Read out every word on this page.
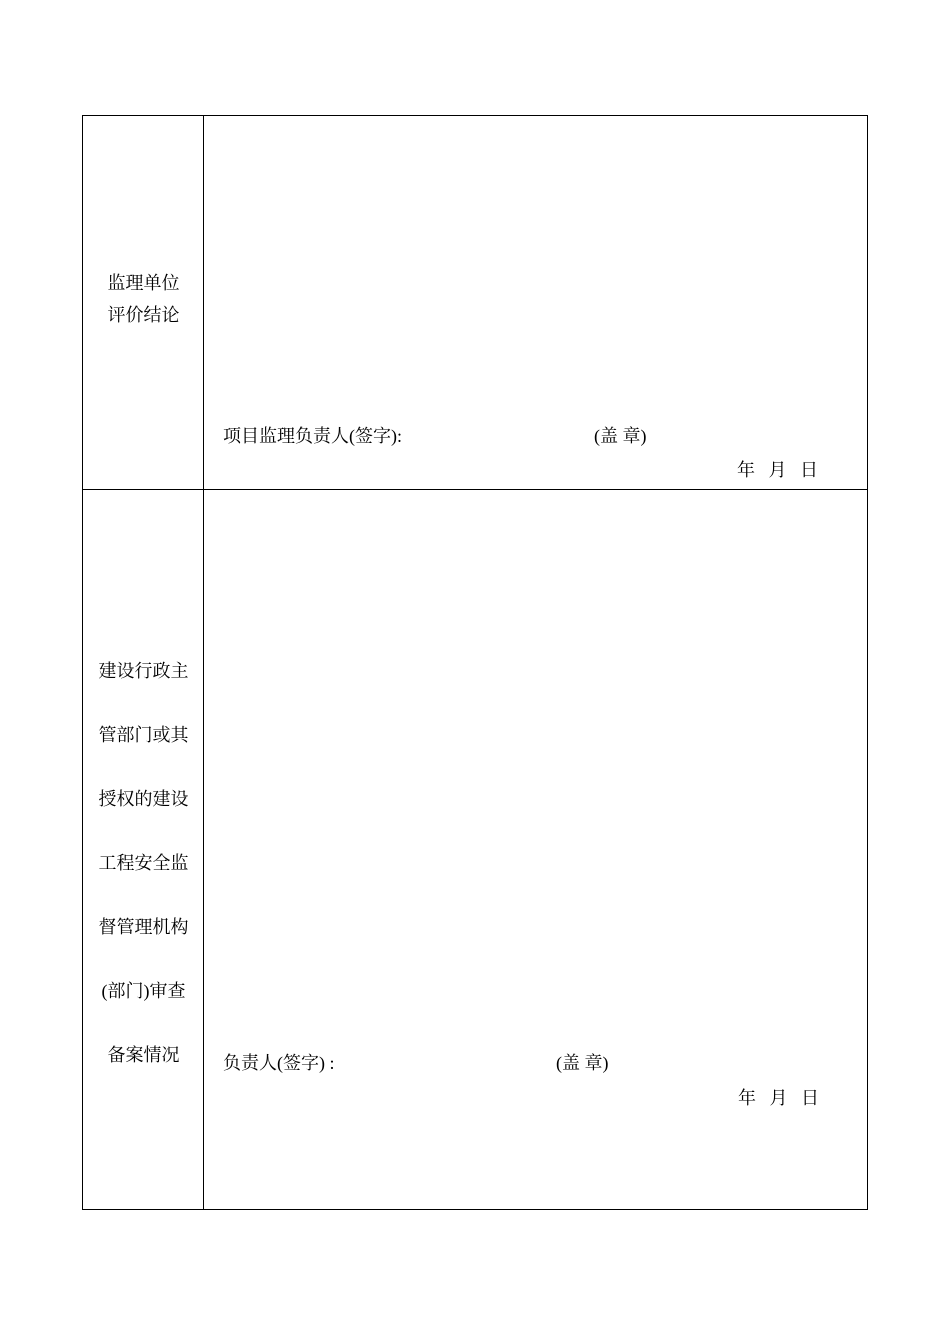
监理单位
评价结论
项目监理负责人(签字):	(盖 章)
年   月   日
建设行政主
管部门或其
授权的建设
工程安全监
督管理机构
(部门)审查
备案情况	负责人(签字) :	(盖 章)
年   月   日
